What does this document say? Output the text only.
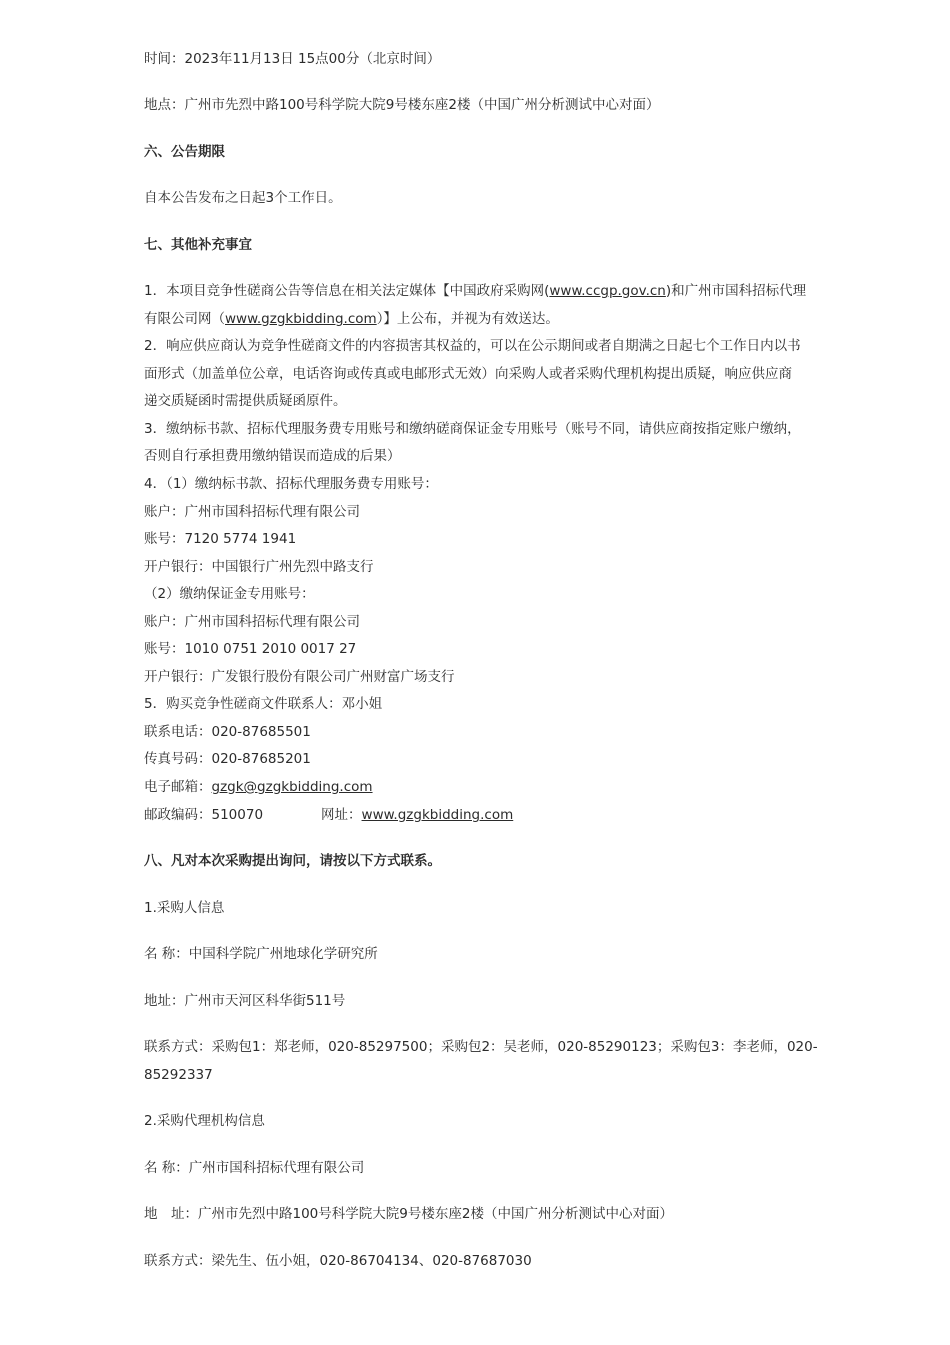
时间：2023年11月13日 15点00分（北京时间）
地点：广州市先烈中路100号科学院大院9号楼东座2楼（中国广州分析测试中心对面）
六、公告期限
自本公告发布之日起3个工作日。
七、其他补充事宜
1．本项目竞争性磋商公告等信息在相关法定媒体【中国政府采购网(www.ccgp.gov.cn)和广州市国科招标代理
有限公司网（www.gzgkbidding.com）】上公布，并视为有效送达。
2．响应供应商认为竞争性磋商文件的内容损害其权益的，可以在公示期间或者自期满之日起七个工作日内以书
面形式（加盖单位公章，电话咨询或传真或电邮形式无效）向采购人或者采购代理机构提出质疑，响应供应商
递交质疑函时需提供质疑函原件。
3．缴纳标书款、招标代理服务费专用账号和缴纳磋商保证金专用账号（账号不同，请供应商按指定账户缴纳，
否则自行承担费用缴纳错误而造成的后果）
4．（1）缴纳标书款、招标代理服务费专用账号：
账户：广州市国科招标代理有限公司
账号：7120 5774 1941
开户银行：中国银行广州先烈中路支行
（2）缴纳保证金专用账号：
账户：广州市国科招标代理有限公司
账号：1010 0751 2010 0017 27
开户银行：广发银行股份有限公司广州财富广场支行
5．购买竞争性磋商文件联系人：邓小姐
联系电话：020-87685501
传真号码：020-87685201
电子邮箱：gzgk@gzgkbidding.com
邮政编码：510070	网址：www.gzgkbidding.com
八、凡对本次采购提出询问，请按以下方式联系。
1.采购人信息
名 称：中国科学院广州地球化学研究所
地址：广州市天河区科华街511号
联系方式：采购包1：郑老师，020-85297500；采购包2：吴老师，020-85290123；采购包3：李老师，020-
85292337
2.采购代理机构信息
名 称：广州市国科招标代理有限公司
地　址：广州市先烈中路100号科学院大院9号楼东座2楼（中国广州分析测试中心对面）
联系方式：梁先生、伍小姐，020-86704134、020-87687030
